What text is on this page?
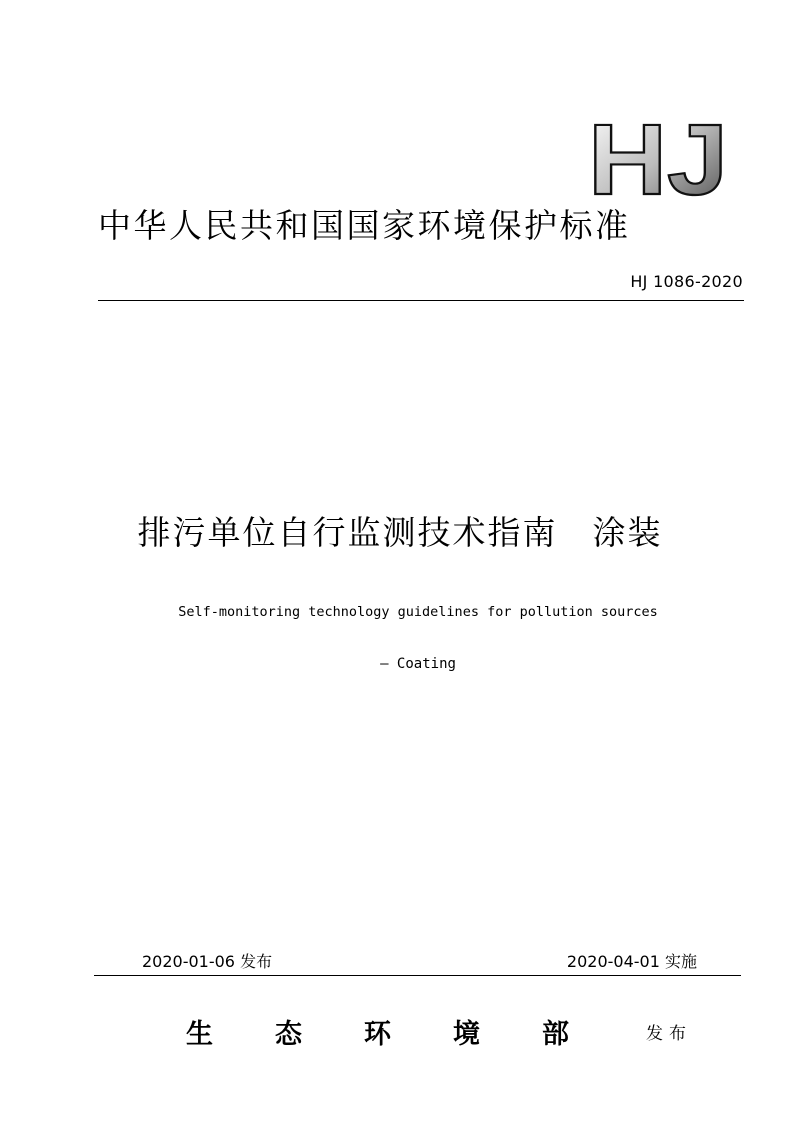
HJ
中华人民共和国国家环境保护标准
HJ 1086-2020
排污单位自行监测技术指南　涂装
Self-monitoring technology guidelines for pollution sources
— Coating
2020-01-06 发布	2020-04-01 实施
生态环境部 发布
